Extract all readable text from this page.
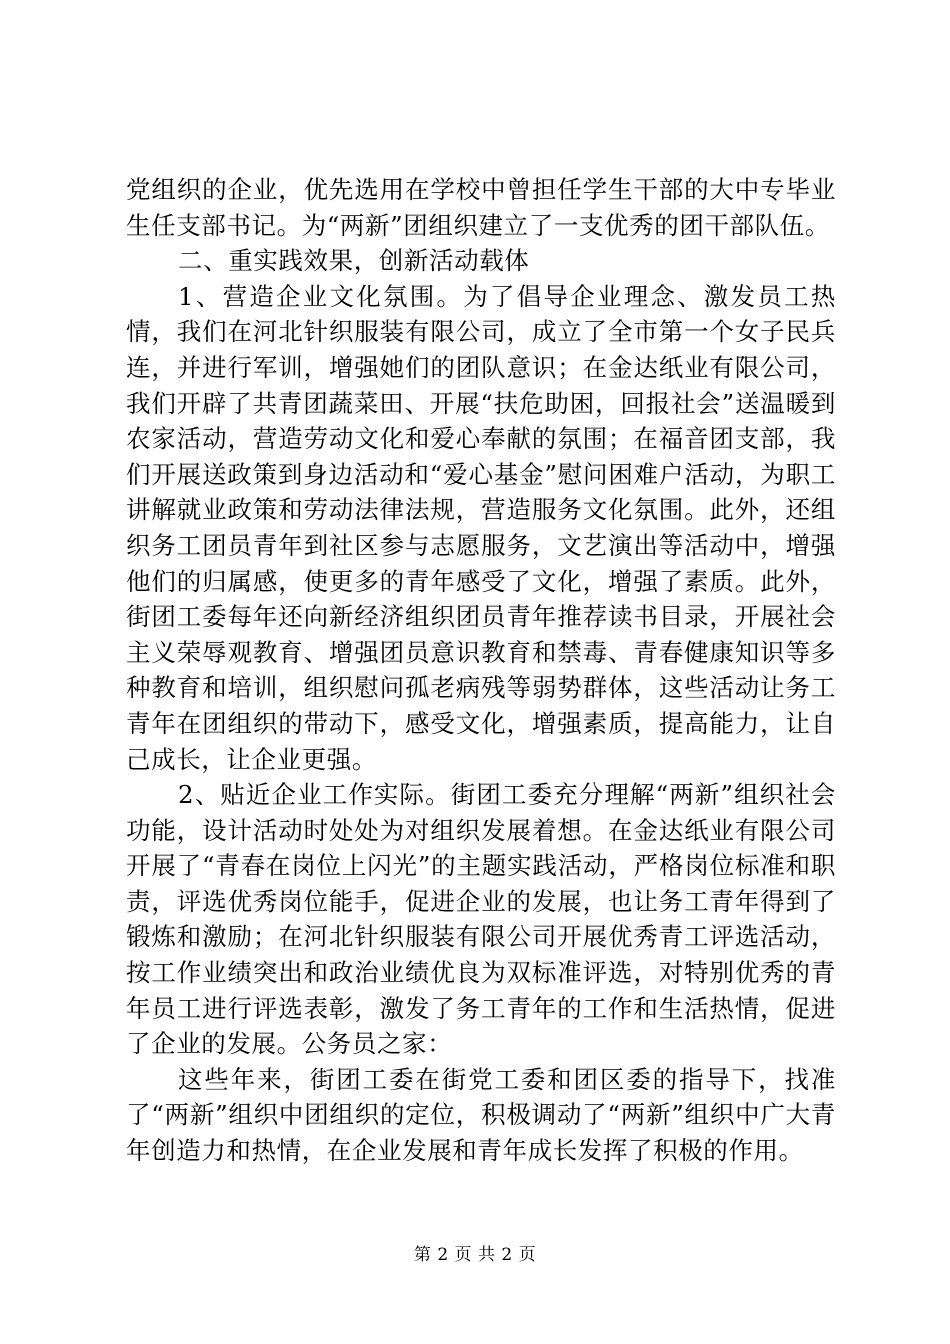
党组织的企业，优先选用在学校中曾担任学生干部的大中专毕业生任支部书记。为“两新”团组织建立了一支优秀的团干部队伍。

二、重实践效果，创新活动载体

1、营造企业文化氛围。为了倡导企业理念、激发员工热情，我们在河北针织服装有限公司，成立了全市第一个女子民兵连，并进行军训，增强她们的团队意识；在金达纸业有限公司，我们开辟了共青团蔬菜田、开展“扶危助困，回报社会”送温暖到农家活动，营造劳动文化和爱心奉献的氛围；在福音团支部，我们开展送政策到身边活动和“爱心基金”慰问困难户活动，为职工讲解就业政策和劳动法律法规，营造服务文化氛围。此外，还组织务工团员青年到社区参与志愿服务，文艺演出等活动中，增强他们的归属感，使更多的青年感受了文化，增强了素质。此外，街团工委每年还向新经济组织团员青年推荐读书目录，开展社会主义荣辱观教育、增强团员意识教育和禁毒、青春健康知识等多种教育和培训，组织慰问孤老病残等弱势群体，这些活动让务工青年在团组织的带动下，感受文化，增强素质，提高能力，让自己成长，让企业更强。

2、贴近企业工作实际。街团工委充分理解“两新”组织社会功能，设计活动时处处为对组织发展着想。在金达纸业有限公司开展了“青春在岗位上闪光”的主题实践活动，严格岗位标准和职责，评选优秀岗位能手，促进企业的发展，也让务工青年得到了锻炼和激励；在河北针织服装有限公司开展优秀青工评选活动，按工作业绩突出和政治业绩优良为双标准评选，对特别优秀的青年员工进行评选表彰，激发了务工青年的工作和生活热情，促进了企业的发展。公务员之家：

这些年来，街团工委在街党工委和团区委的指导下，找准了“两新”组织中团组织的定位，积极调动了“两新”组织中广大青年创造力和热情，在企业发展和青年成长发挥了积极的作用。

第 2 页 共 2 页
